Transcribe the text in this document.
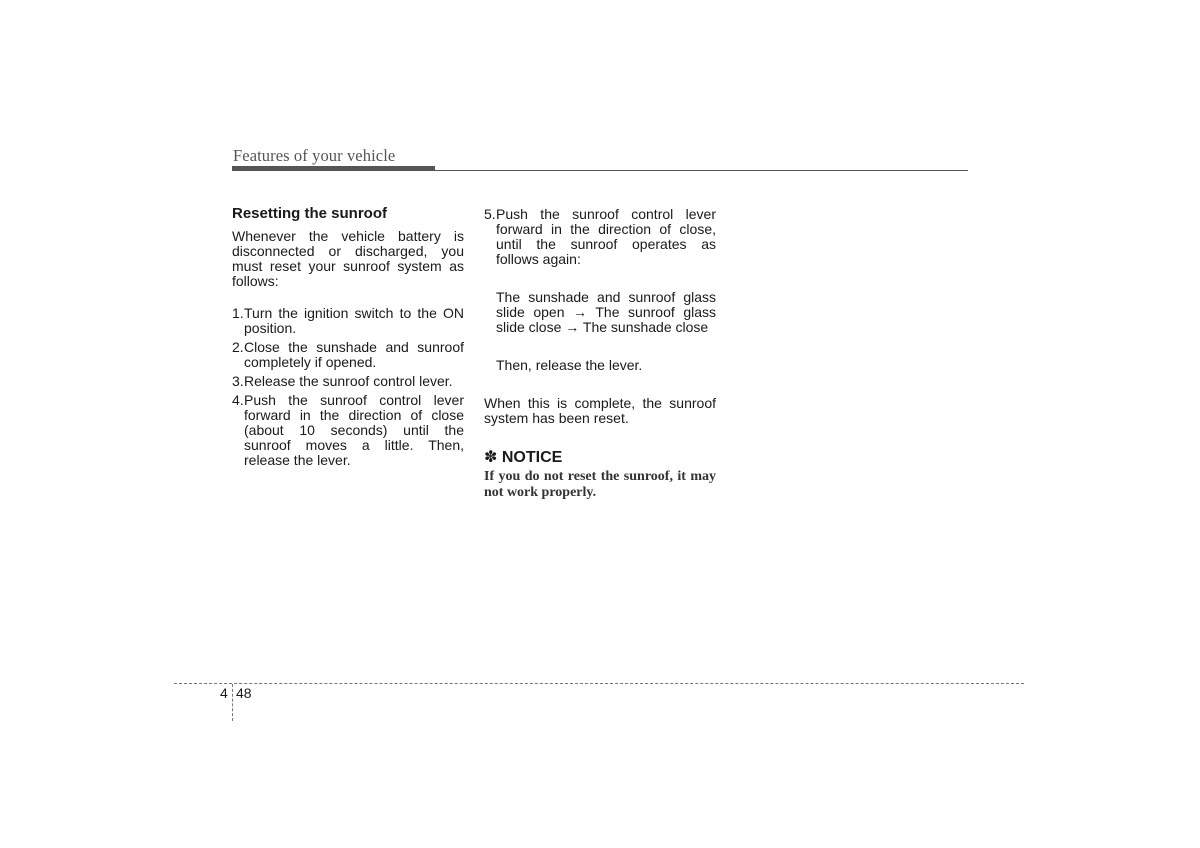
Features of your vehicle
Resetting the sunroof

Whenever the vehicle battery is disconnected or discharged, you must reset your sunroof system as follows:

1. Turn the ignition switch to the ON position.
2. Close the sunshade and sunroof completely if opened.
3. Release the sunroof control lever.
4. Push the sunroof control lever forward in the direction of close (about 10 seconds) until the sunroof moves a little. Then, release the lever.
5. Push the sunroof control lever forward in the direction of close, until the sunroof operates as follows again:

The sunshade and sunroof glass slide open → The sunroof glass slide close → The sunshade close

Then, release the lever.

When this is complete, the sunroof system has been reset.

✽ NOTICE

If you do not reset the sunroof, it may not work properly.

4 48
